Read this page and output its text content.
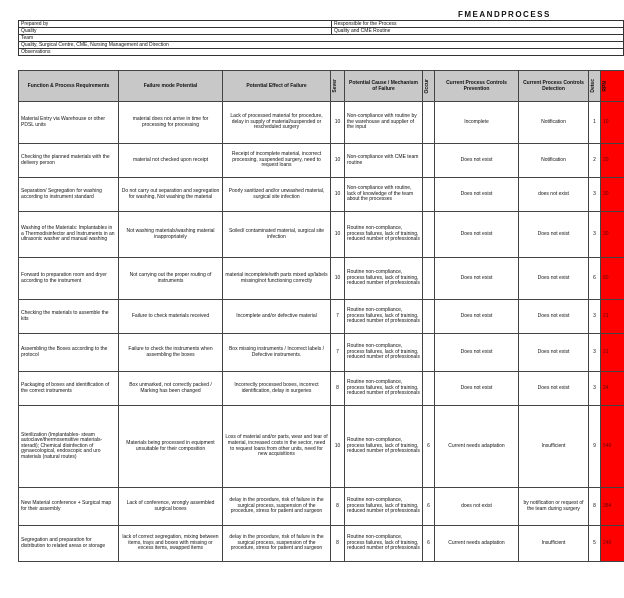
FMEANDPROCESS
Prepared by	Responsible for the Process
Quality	Quality and CME Routine
Team	
Quality, Surgical Centre, CME, Nursing Management and Direction	
Observations	
Function & Process Requirements	Failure mode Potential	Potential Effect of Failure	Sever	Potential Cause / Mechanism of Failure	Occur	Current Process Controls Prevention	Current Process Controls Detection	Detec	RPN

Material Entry via Warehouse or other PDSL units	material does not arrive in time for processing for processing	Lack of processed material for procedure, delay in supply of material/suspended or rescheduled surgery	10	Non-compliance with routine by the warehouse and supplier of the input		Incomplete	Notification	1	10
Checking the planned materials with the delivery person	material not checked upon receipt	Receipt of incomplete material, incorrect processing, suspended surgery, need to request loans	10	Non-compliance with CME team routine		Does not exist	Notification	2	20
Separation/ Segregation for washing according to instrument standard	Do not carry out separation and segregation for washing, Not washing the material	Poorly sanitized and/or unwashed material, surgical site infection	10	Non-compliance with routine, lack of knowledge of the team about the processes		Does not exist	does not exist	3	30
Washing of the Materials: Implantables in a Thermodisinfector and Instruments in an ultrasonic washer and manual washing	Not washing materials/washing material inappropriately	Soiled/ contaminated material, surgical site infection	10	Routine non-compliance, process failures, lack of training, reduced number of professionals		Does not exist	Does not exist	3	30
Forward to preparation room and dryer according to the instrument	Not carrying out the proper routing of instruments	material incomplete/with parts mixed up/labels missing/not functioning correctly	10	Routine non-compliance, process failures, lack of training, reduced number of professionals		Does not exist	Does not exist	6	60
Checking the materials to assemble the kits	Failure to check materials received	Incomplete and/or defective material	7	Routine non-compliance, process failures, lack of training, reduced number of professionals		Does not exist	Does not exist	3	21
Assembling the Boxes according to the protocol	Failure to check the instruments when assembling the boxes	Box missing instruments / Incorrect labels / Defective instruments.	7	Routine non-compliance, process failures, lack of training, reduced number of professionals		Does not exist	Does not exist	3	21
Packaging of boxes and identification of the correct instruments	Box unmarked, not correctly packed / Marking has been changed	Incorrectly processed boxes, incorrect identification, delay in surgeries	8	Routine non-compliance, process failures, lack of training, reduced number of professionals		Does not exist	Does not exist	3	24
Sterilization (Implantables- steam autoclave/thermosensitive materials- steradi); Chemical disinfection of gynaecological, endoscopic and uro materials (natural routes)	Materials being processed in equipment unsuitable for their composition	Loss of material and/or parts, wear and tear of material, increased costs in the sector, need to request loans from other units, need for new acquisitions	10	Routine non-compliance, process failures, lack of training, reduced number of professionals	6	Current needs adaptation	Insufficient	9	540
New Material conference + Surgical map for their assembly	Lack of conference, wrongly assembled surgical boxes	delay in the procedure, risk of failure in the surgical process, suspension of the procedure, stress for patient and surgeon	8	Routine non-compliance, process failures, lack of training, reduced number of professionals	6	does not exist	by notification or request of the team during surgery	8	384
Segregation and preparation for distribution to related areas or storage	lack of correct segregation, mixing between items, trays and boxes with missing or excess items, swapped items	delay in the procedure, risk of failure in the surgical process, suspension of the procedure, stress for patient and surgeon	8	Routine non-compliance, process failures, lack of training, reduced number of professionals	6	Current needs adaptation	Insufficient	5	240
